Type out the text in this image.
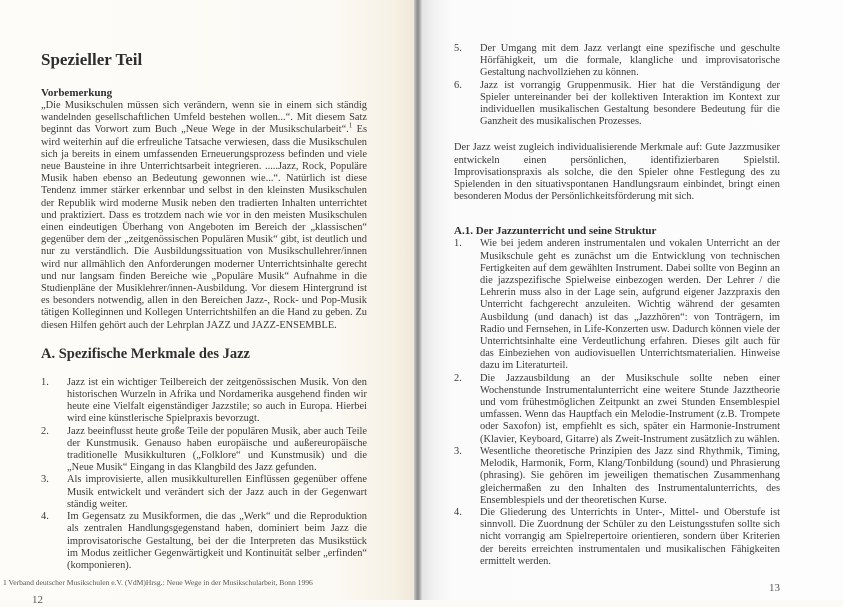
Spezieller Teil
Vorbemerkung

„Die Musikschulen müssen sich verändern, wenn sie in einem sich ständig wandelnden gesellschaftlichen Umfeld bestehen wollen...“. Mit diesem Satz beginnt das Vorwort zum Buch „Neue Wege in der Musikschularbeit“.$^1$ Es wird weiterhin auf die erfreuliche Tatsache verwiesen, dass die Musikschulen sich ja bereits in einem umfassenden Erneuerungsprozess befinden und viele neue Bausteine in ihre Unterrichtsarbeit integrieren. .....Jazz, Rock, Populäre Musik haben ebenso an Bedeutung gewonnen wie...“. Natürlich ist diese Tendenz immer stärker erkennbar und selbst in den kleinsten Musikschulen der Republik wird moderne Musik neben den tradierten Inhalten unterrichtet und praktiziert. Dass es trotzdem nach wie vor in den meisten Musikschulen einen eindeutigen Überhang von Angeboten im Bereich der „klassischen“ gegenüber dem der „zeitgenössischen Populären Musik“ gibt, ist deutlich und nur zu verständlich. Die Ausbildungssituation von Musikschullehrer/innen wird nur allmählich den Anforderungen moderner Unterrichtsinhalte gerecht und nur langsam finden Bereiche wie „Populäre Musik“ Aufnahme in die Studienpläne der Musiklehrer/innen-Ausbildung. Vor diesem Hintergrund ist es besonders notwendig, allen in den Bereichen Jazz-, Rock- und Pop-Musik tätigen Kolleginnen und Kollegen Unterrichtshilfen an die Hand zu geben. Zu diesen Hilfen gehört auch der Lehrplan JAZZ und JAZZ-ENSEMBLE.

A. Spezifische Merkmale des Jazz
1. Jazz ist ein wichtiger Teilbereich der zeitgenössischen Musik. Von den historischen Wurzeln in Afrika und Nordamerika ausgehend finden wir heute eine Vielfalt eigenständiger Jazzstile; so auch in Europa. Hierbei wird eine künstlerische Spielpraxis bevorzugt.
2. Jazz beeinflusst heute große Teile der populären Musik, aber auch Teile der Kunstmusik. Genauso haben europäische und außereuropäische traditionelle Musikkulturen („Folklore“ und Kunstmusik) und die „Neue Musik“ Eingang in das Klangbild des Jazz gefunden.
3. Als improvisierte, allen musikkulturellen Einflüssen gegenüber offene Musik entwickelt und verändert sich der Jazz auch in der Gegenwart ständig weiter.
4. Im Gegensatz zu Musikformen, die das „Werk“ und die Reproduktion als zentralen Handlungsgegenstand haben, dominiert beim Jazz die improvisatorische Gestaltung, bei der die Interpreten das Musikstück im Modus zeitlicher Gegenwärtigkeit und Kontinuität selber „erfinden“ (komponieren).
1 Verband deutscher Musikschulen e.V. (VdM)Hrsg.: Neue Wege in der Musikschularbeit, Bonn 1996
12
5. Der Umgang mit dem Jazz verlangt eine spezifische und geschulte Hörfähigkeit, um die formale, klangliche und improvisatorische Gestaltung nachvollziehen zu können.
6. Jazz ist vorrangig Gruppenmusik. Hier hat die Verständigung der Spieler untereinander bei der kollektiven Interaktion im Kontext zur individuellen musikalischen Gestaltung besondere Bedeutung für die Ganzheit des musikalischen Prozesses.

Der Jazz weist zugleich individualisierende Merkmale auf: Gute Jazzmusiker entwickeln einen persönlichen, identifizierbaren Spielstil. Improvisationspraxis als solche, die den Spieler ohne Festlegung des zu Spielenden in den situativspontanen Handlungsraum einbindet, bringt einen besonderen Modus der Persönlichkeitsförderung mit sich.

A.1. Der Jazzunterricht und seine Struktur
1. Wie bei jedem anderen instrumentalen und vokalen Unterricht an der Musikschule geht es zunächst um die Entwicklung von technischen Fertigkeiten auf dem gewählten Instrument. Dabei sollte von Beginn an die jazzspezifische Spielweise einbezogen werden. Der Lehrer / die Lehrerin muss also in der Lage sein, aufgrund eigener Jazzpraxis den Unterricht fachgerecht anzuleiten. Wichtig während der gesamten Ausbildung (und danach) ist das „Jazzhören“: von Tonträgern, im Radio und Fernsehen, in Life-Konzerten usw. Dadurch können viele der Unterrichtsinhalte eine Verdeutlichung erfahren. Dieses gilt auch für das Einbeziehen von audiovisuellen Unterrichtsmaterialien. Hinweise dazu im Literaturteil.
2. Die Jazzausbildung an der Musikschule sollte neben einer Wochenstunde Instrumentalunterricht eine weitere Stunde Jazztheorie und vom frühestmöglichen Zeitpunkt an zwei Stunden Ensemblespiel umfassen. Wenn das Hauptfach ein Melodie-Instrument (z.B. Trompete oder Saxofon) ist, empfiehlt es sich, später ein Harmonie-Instrument (Klavier, Keyboard, Gitarre) als Zweit-Instrument zusätzlich zu wählen.
3. Wesentliche theoretische Prinzipien des Jazz sind Rhythmik, Timing, Melodik, Harmonik, Form, Klang/Tonbildung (sound) und Phrasierung (phrasing). Sie gehören im jeweiligen thematischen Zusammenhang gleichermaßen zu den Inhalten des Instrumentalunterrichts, des Ensemblespiels und der theoretischen Kurse.
4. Die Gliederung des Unterrichts in Unter-, Mittel- und Oberstufe ist sinnvoll. Die Zuordnung der Schüler zu den Leistungsstufen sollte sich nicht vorrangig am Spielrepertoire orientieren, sondern über Kriterien der bereits erreichten instrumentalen und musikalischen Fähigkeiten ermittelt werden.
13
